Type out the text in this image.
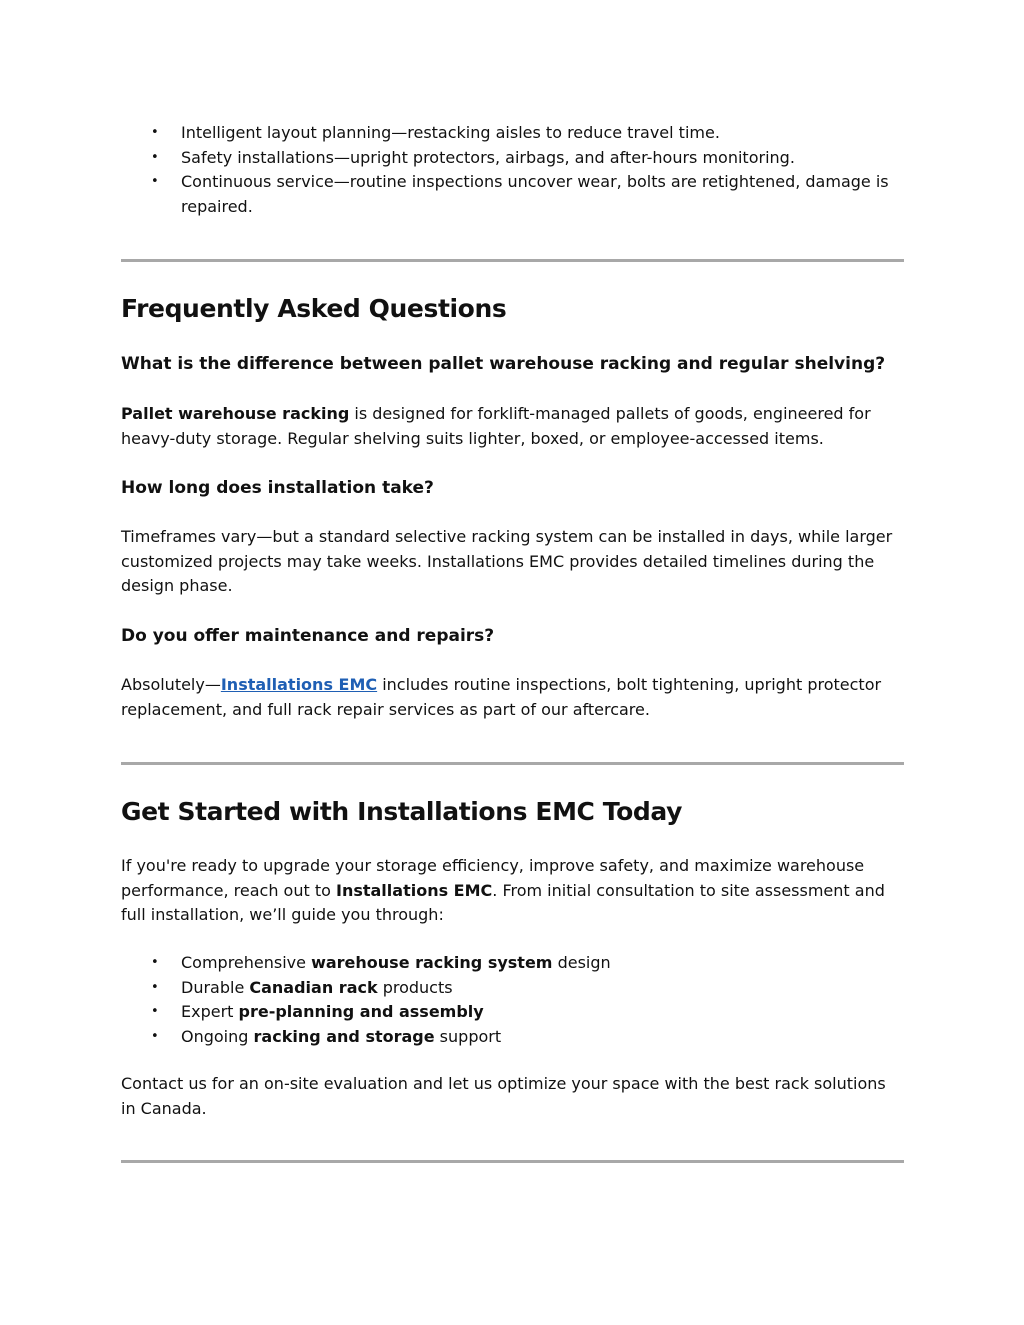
• Intelligent layout planning—restacking aisles to reduce travel time.
• Safety installations—upright protectors, airbags, and after-hours monitoring.
• Continuous service—routine inspections uncover wear, bolts are retightened, damage is repaired.
Frequently Asked Questions
What is the difference between pallet warehouse racking and regular shelving?

Pallet warehouse racking is designed for forklift-managed pallets of goods, engineered for heavy-duty storage. Regular shelving suits lighter, boxed, or employee-accessed items.

How long does installation take?

Timeframes vary—but a standard selective racking system can be installed in days, while larger customized projects may take weeks. Installations EMC provides detailed timelines during the design phase.

Do you offer maintenance and repairs?

Absolutely—Installations EMC includes routine inspections, bolt tightening, upright protector replacement, and full rack repair services as part of our aftercare.

Get Started with Installations EMC Today

If you're ready to upgrade your storage efficiency, improve safety, and maximize warehouse performance, reach out to Installations EMC. From initial consultation to site assessment and full installation, we’ll guide you through:

• Comprehensive warehouse racking system design
• Durable Canadian rack products
• Expert pre-planning and assembly
• Ongoing racking and storage support

Contact us for an on-site evaluation and let us optimize your space with the best rack solutions in Canada.
